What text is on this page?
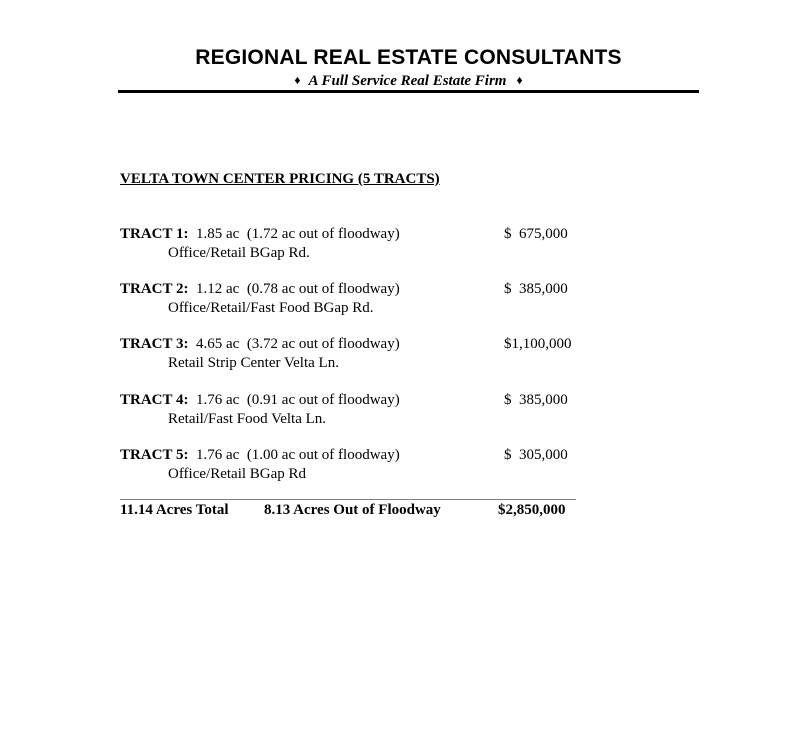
REGIONAL REAL ESTATE CONSULTANTS
♦ A Full Service Real Estate Firm ♦
VELTA TOWN CENTER PRICING (5 TRACTS)
TRACT 1: 1.85 ac (1.72 ac out of floodway)
Office/Retail BGap Rd.
$  675,000
TRACT 2: 1.12 ac (0.78 ac out of floodway)
Office/Retail/Fast Food BGap Rd.
$  385,000
TRACT 3: 4.65 ac (3.72 ac out of floodway)
Retail Strip Center Velta Ln.
$1,100,000
TRACT 4: 1.76 ac (0.91 ac out of floodway)
Retail/Fast Food Velta Ln.
$  385,000
TRACT 5: 1.76 ac (1.00 ac out of floodway)
Office/Retail BGap Rd
$  305,000
11.14 Acres Total 8.13 Acres Out of Floodway	$2,850,000
